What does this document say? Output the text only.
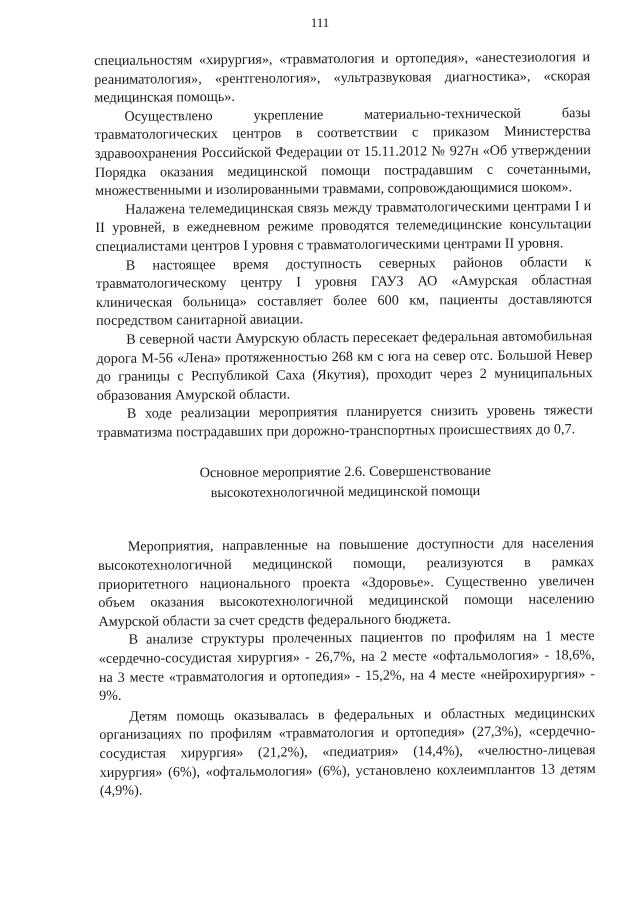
111

специальностям «хирургия», «травматология и ортопедия», «анестезиология и реаниматология», «рентгенология», «ультразвуковая диагностика», «скорая медицинская помощь».

Осуществлено укрепление материально-технической базы травматологических центров в соответствии с приказом Министерства здравоохранения Российской Федерации от 15.11.2012 № 927н «Об утверждении Порядка оказания медицинской помощи пострадавшим с сочетанными, множественными и изолированными травмами, сопровождающимися шоком».

Налажена телемедицинская связь между травматологическими центрами I и II уровней, в ежедневном режиме проводятся телемедицинские консультации специалистами центров I уровня с травматологическими центрами II уровня.

В настоящее время доступность северных районов области к травматологическому центру I уровня ГАУЗ АО «Амурская областная клиническая больница» составляет более 600 км, пациенты доставляются посредством санитарной авиации.

В северной части Амурскую область пересекает федеральная автомобильная дорога М-56 «Лена» протяженностью 268 км с юга на север отс. Большой Невер до границы с Республикой Саха (Якутия), проходит через 2 муниципальных образования Амурской области.

В ходе реализации мероприятия планируется снизить уровень тяжести травматизма пострадавших при дорожно-транспортных происшествиях до 0,7.

Основное мероприятие 2.6. Совершенствование
высокотехнологичной медицинской помощи

Мероприятия, направленные на повышение доступности для населения высокотехнологичной медицинской помощи, реализуются в рамках приоритетного национального проекта «Здоровье». Существенно увеличен объем оказания высокотехнологичной медицинской помощи населению Амурской области за счет средств федерального бюджета.

В анализе структуры пролеченных пациентов по профилям на 1 месте «сердечно-сосудистая хирургия» - 26,7%, на 2 месте «офтальмология» - 18,6%, на 3 месте «травматология и ортопедия» - 15,2%, на 4 месте «нейрохирургия» - 9%.

Детям помощь оказывалась в федеральных и областных медицинских организациях по профилям «травматология и ортопедия» (27,3%), «сердечно-сосудистая хирургия» (21,2%), «педиатрия» (14,4%), «челюстно-лицевая хирургия» (6%), «офтальмология» (6%), установлено кохлеимплантов 13 детям (4,9%).
